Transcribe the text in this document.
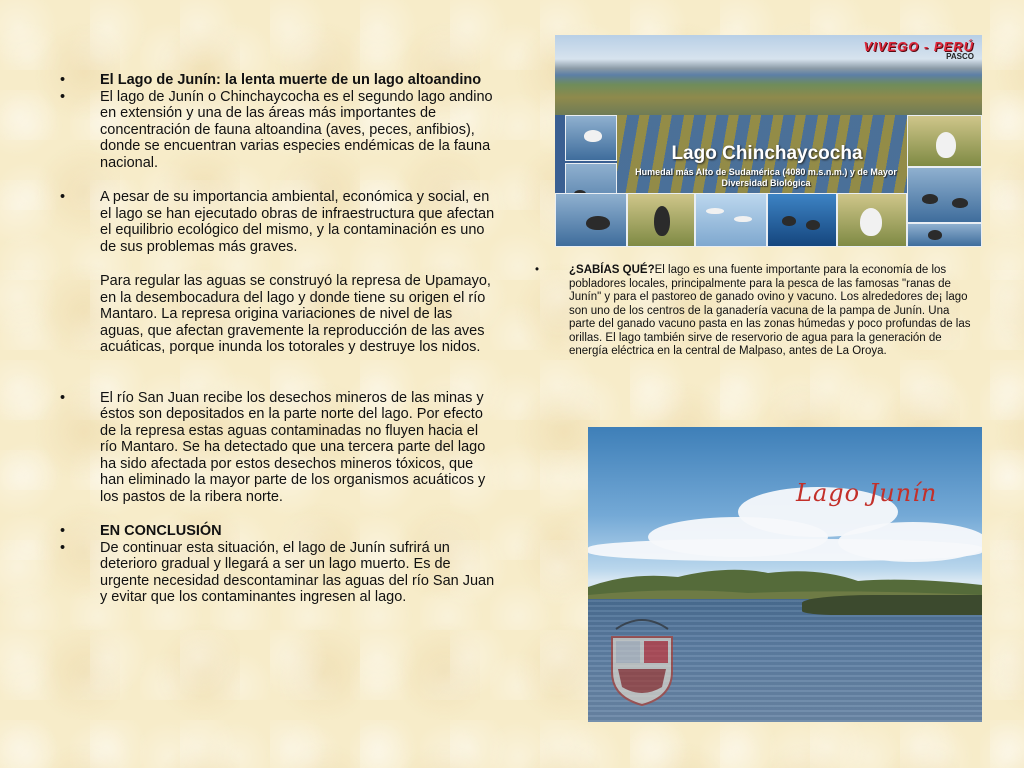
• El Lago de Junín: la lenta muerte de un lago altoandino
• El lago de Junín o Chinchaycocha es el segundo lago andino en extensión y una de las áreas más importantes de concentración de fauna altoandina (aves, peces, anfibios), donde se encuentran varias especies endémicas de la fauna nacional.
• A pesar de su importancia ambiental, económica y social, en el lago se han ejecutado obras de infraestructura que afectan el equilibrio ecológico del mismo, y la contaminación es uno de sus problemas más graves.
Para regular las aguas se construyó la represa de Upamayo, en la desembocadura del lago y donde tiene su origen el río Mantaro. La represa origina variaciones de nivel de las aguas, que afectan gravemente la reproducción de las aves acuáticas, porque inunda los totorales y destruye los nidos.
• El río San Juan recibe los desechos mineros de las minas y éstos son depositados en la parte norte del lago. Por efecto de la represa estas aguas contaminadas no fluyen hacia el río Mantaro. Se ha detectado que una tercera parte del lago ha sido afectada por estos desechos mineros tóxicos, que han eliminado la mayor parte de los organismos acuáticos y los pastos de la ribera norte.
• EN CONCLUSIÓN
• De continuar esta situación, el lago de Junín sufrirá un deterioro gradual y llegará a ser un lago muerto. Es de urgente necesidad descontaminar las aguas del río San Juan y evitar que los contaminantes ingresen al lago.
VIVEGO - PERÚ
PASCO
Lago Chinchaycocha
Humedal más Alto de Sudamérica (4080 m.s.n.m.) y de Mayor Diversidad Biológica
•	¿SABÍAS QUÉ?El lago es una fuente importante para la economía de los pobladores locales, principalmente para la pesca de las famosas "ranas de Junín" y para el pastoreo de ganado ovino y vacuno. Los alrededores de¡ lago son uno de los centros de la ganadería vacuna de la pampa de Junín. Una parte del ganado vacuno pasta en las zonas húmedas y poco profundas de las orillas. El lago también sirve de reservorio de agua para la generación de energía eléctrica en la central de Malpaso, antes de La Oroya.
Lago Junín
